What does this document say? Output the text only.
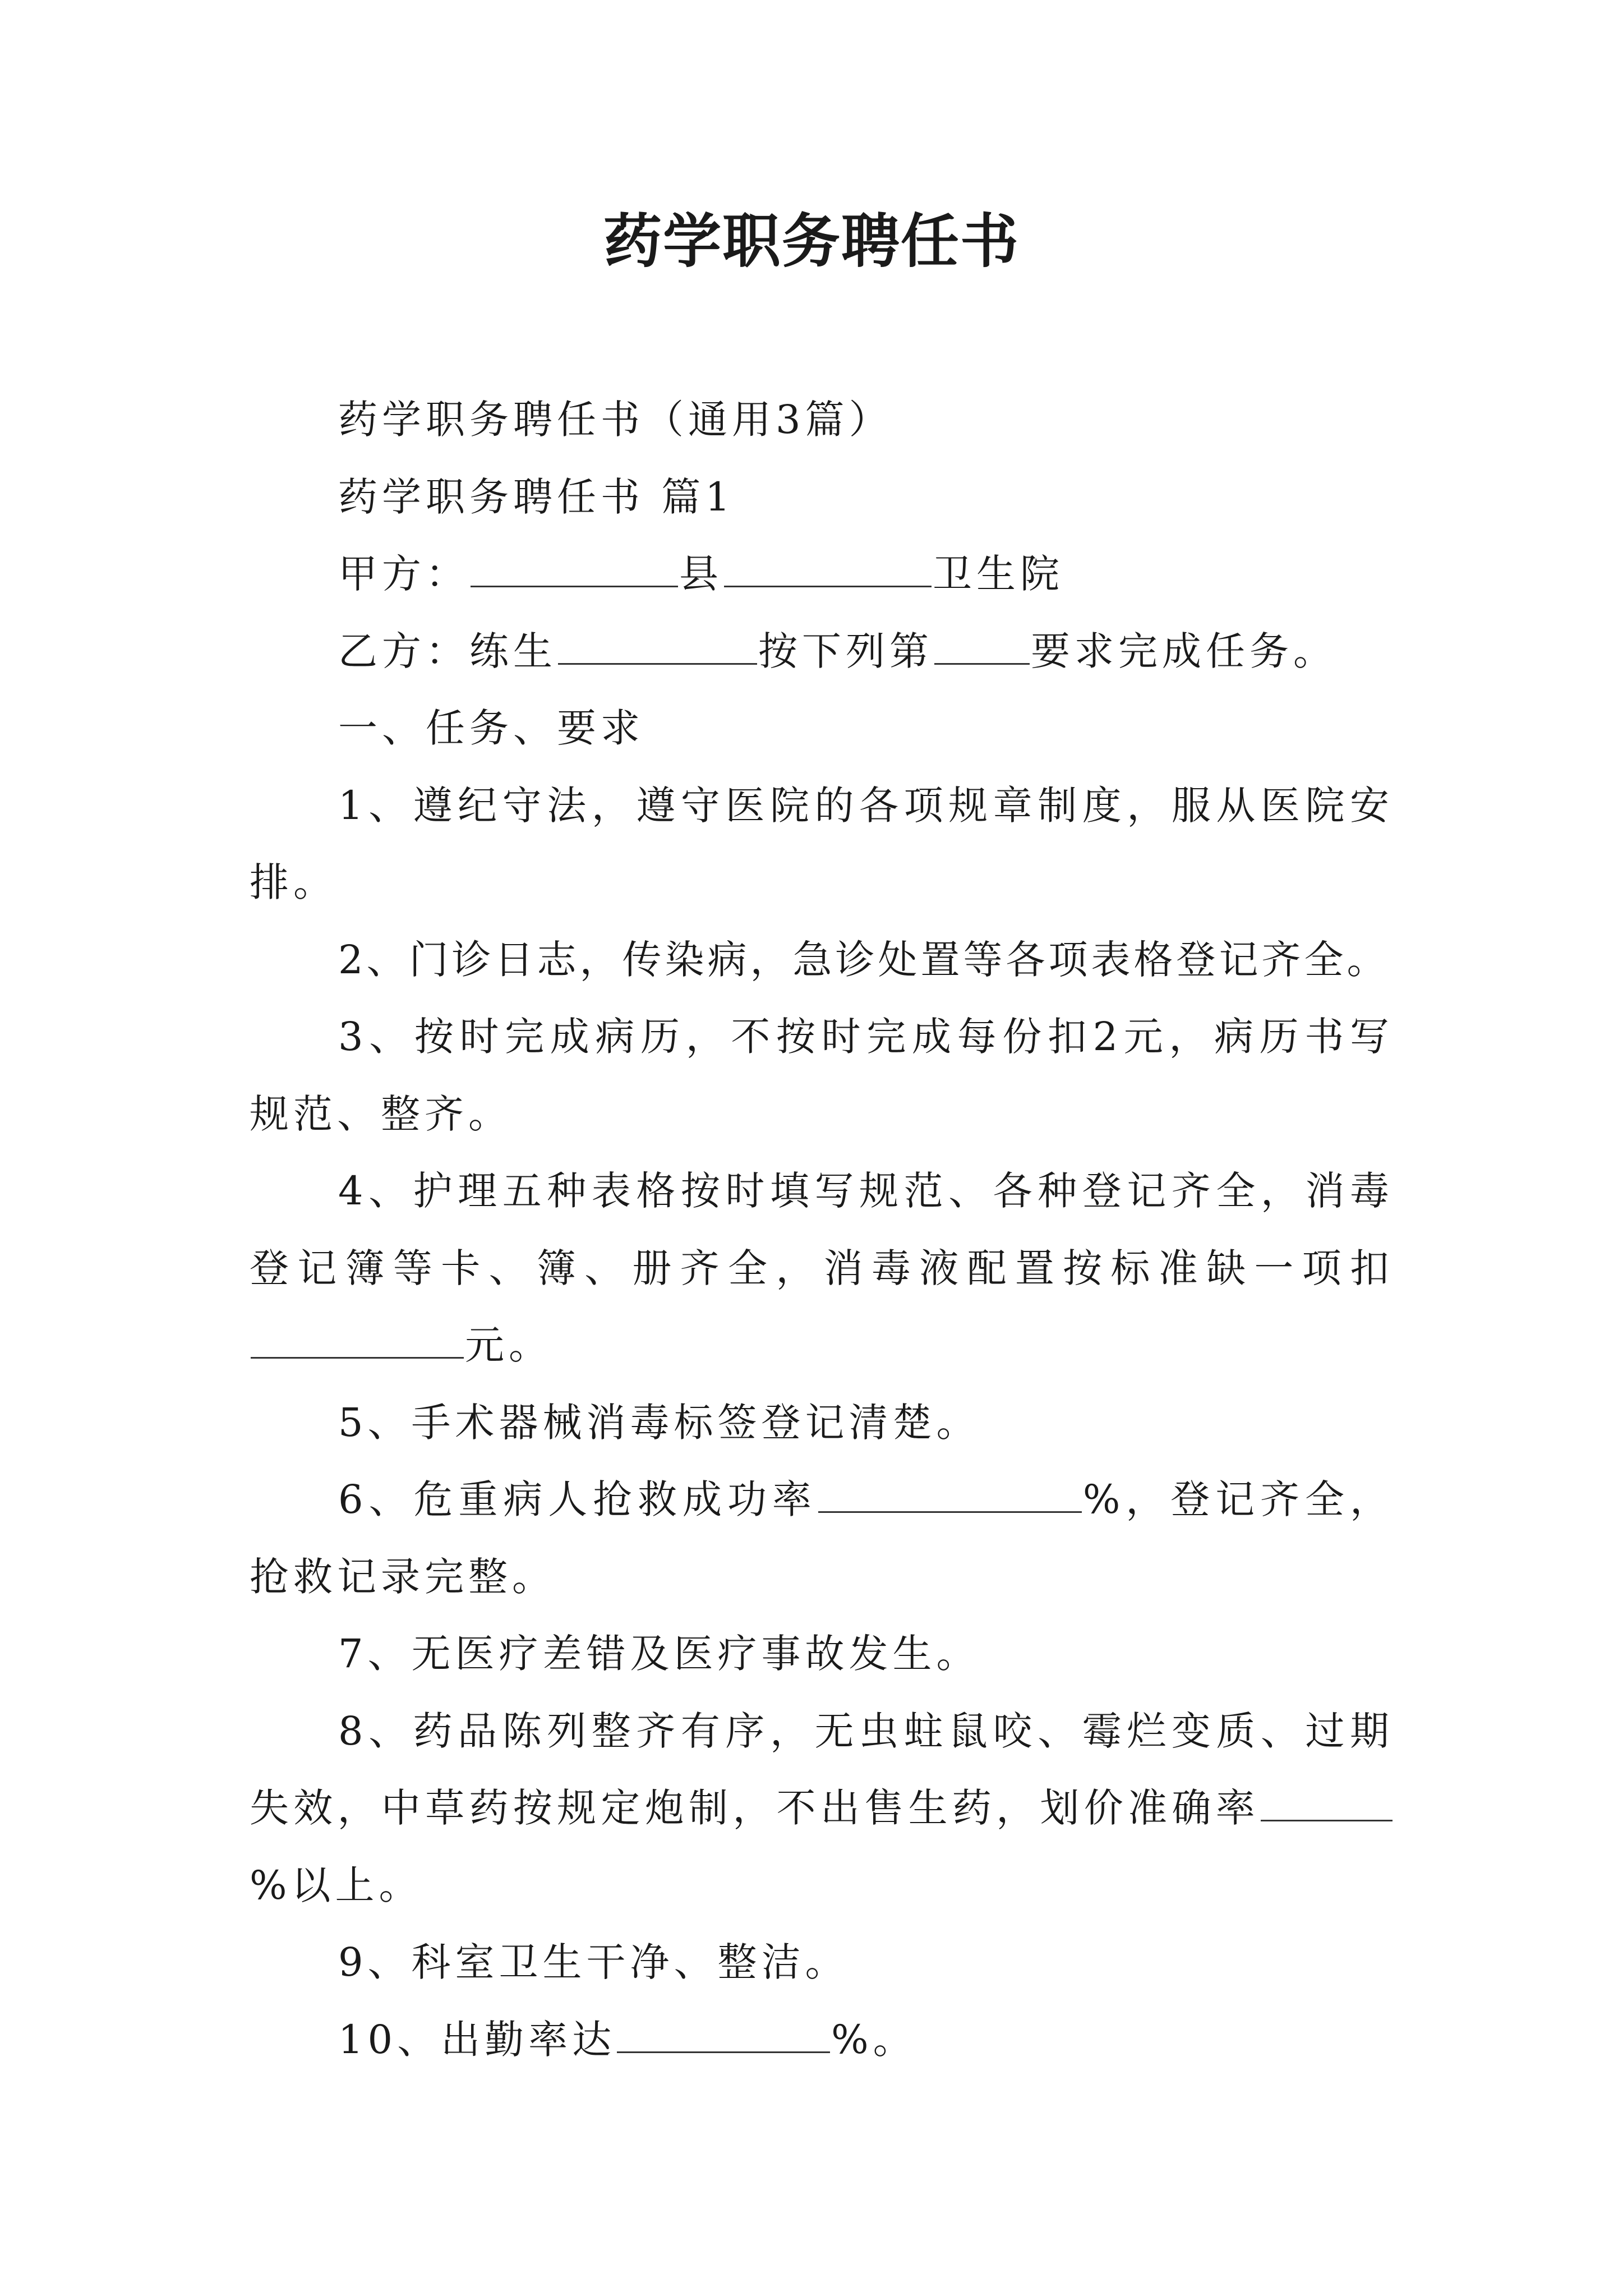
药学职务聘任书

药学职务聘任书（通用3篇）

药学职务聘任书 篇1

甲方：	县	卫生院

乙方：练生	按下列第 要求完成任务。

一、任务、要求

1、遵纪守法，遵守医院的各项规章制度，服从医院安排。

2、门诊日志，传染病，急诊处置等各项表格登记齐全。

3、按时完成病历，不按时完成每份扣2元，病历书写规范、整齐。

4、护理五种表格按时填写规范、各种登记齐全，消毒登记簿等卡、簿、册齐全，消毒液配置按标准缺一项扣元。

5、手术器械消毒标签登记清楚。

6、危重病人抢救成功率	%，登记齐全，抢救记录完整。

7、无医疗差错及医疗事故发生。

8、药品陈列整齐有序，无虫蛀鼠咬、霉烂变质、过期失效，中草药按规定炮制，不出售生药，划价准确率%以上。

9、科室卫生干净、整洁。

10、出勤率达	%。
